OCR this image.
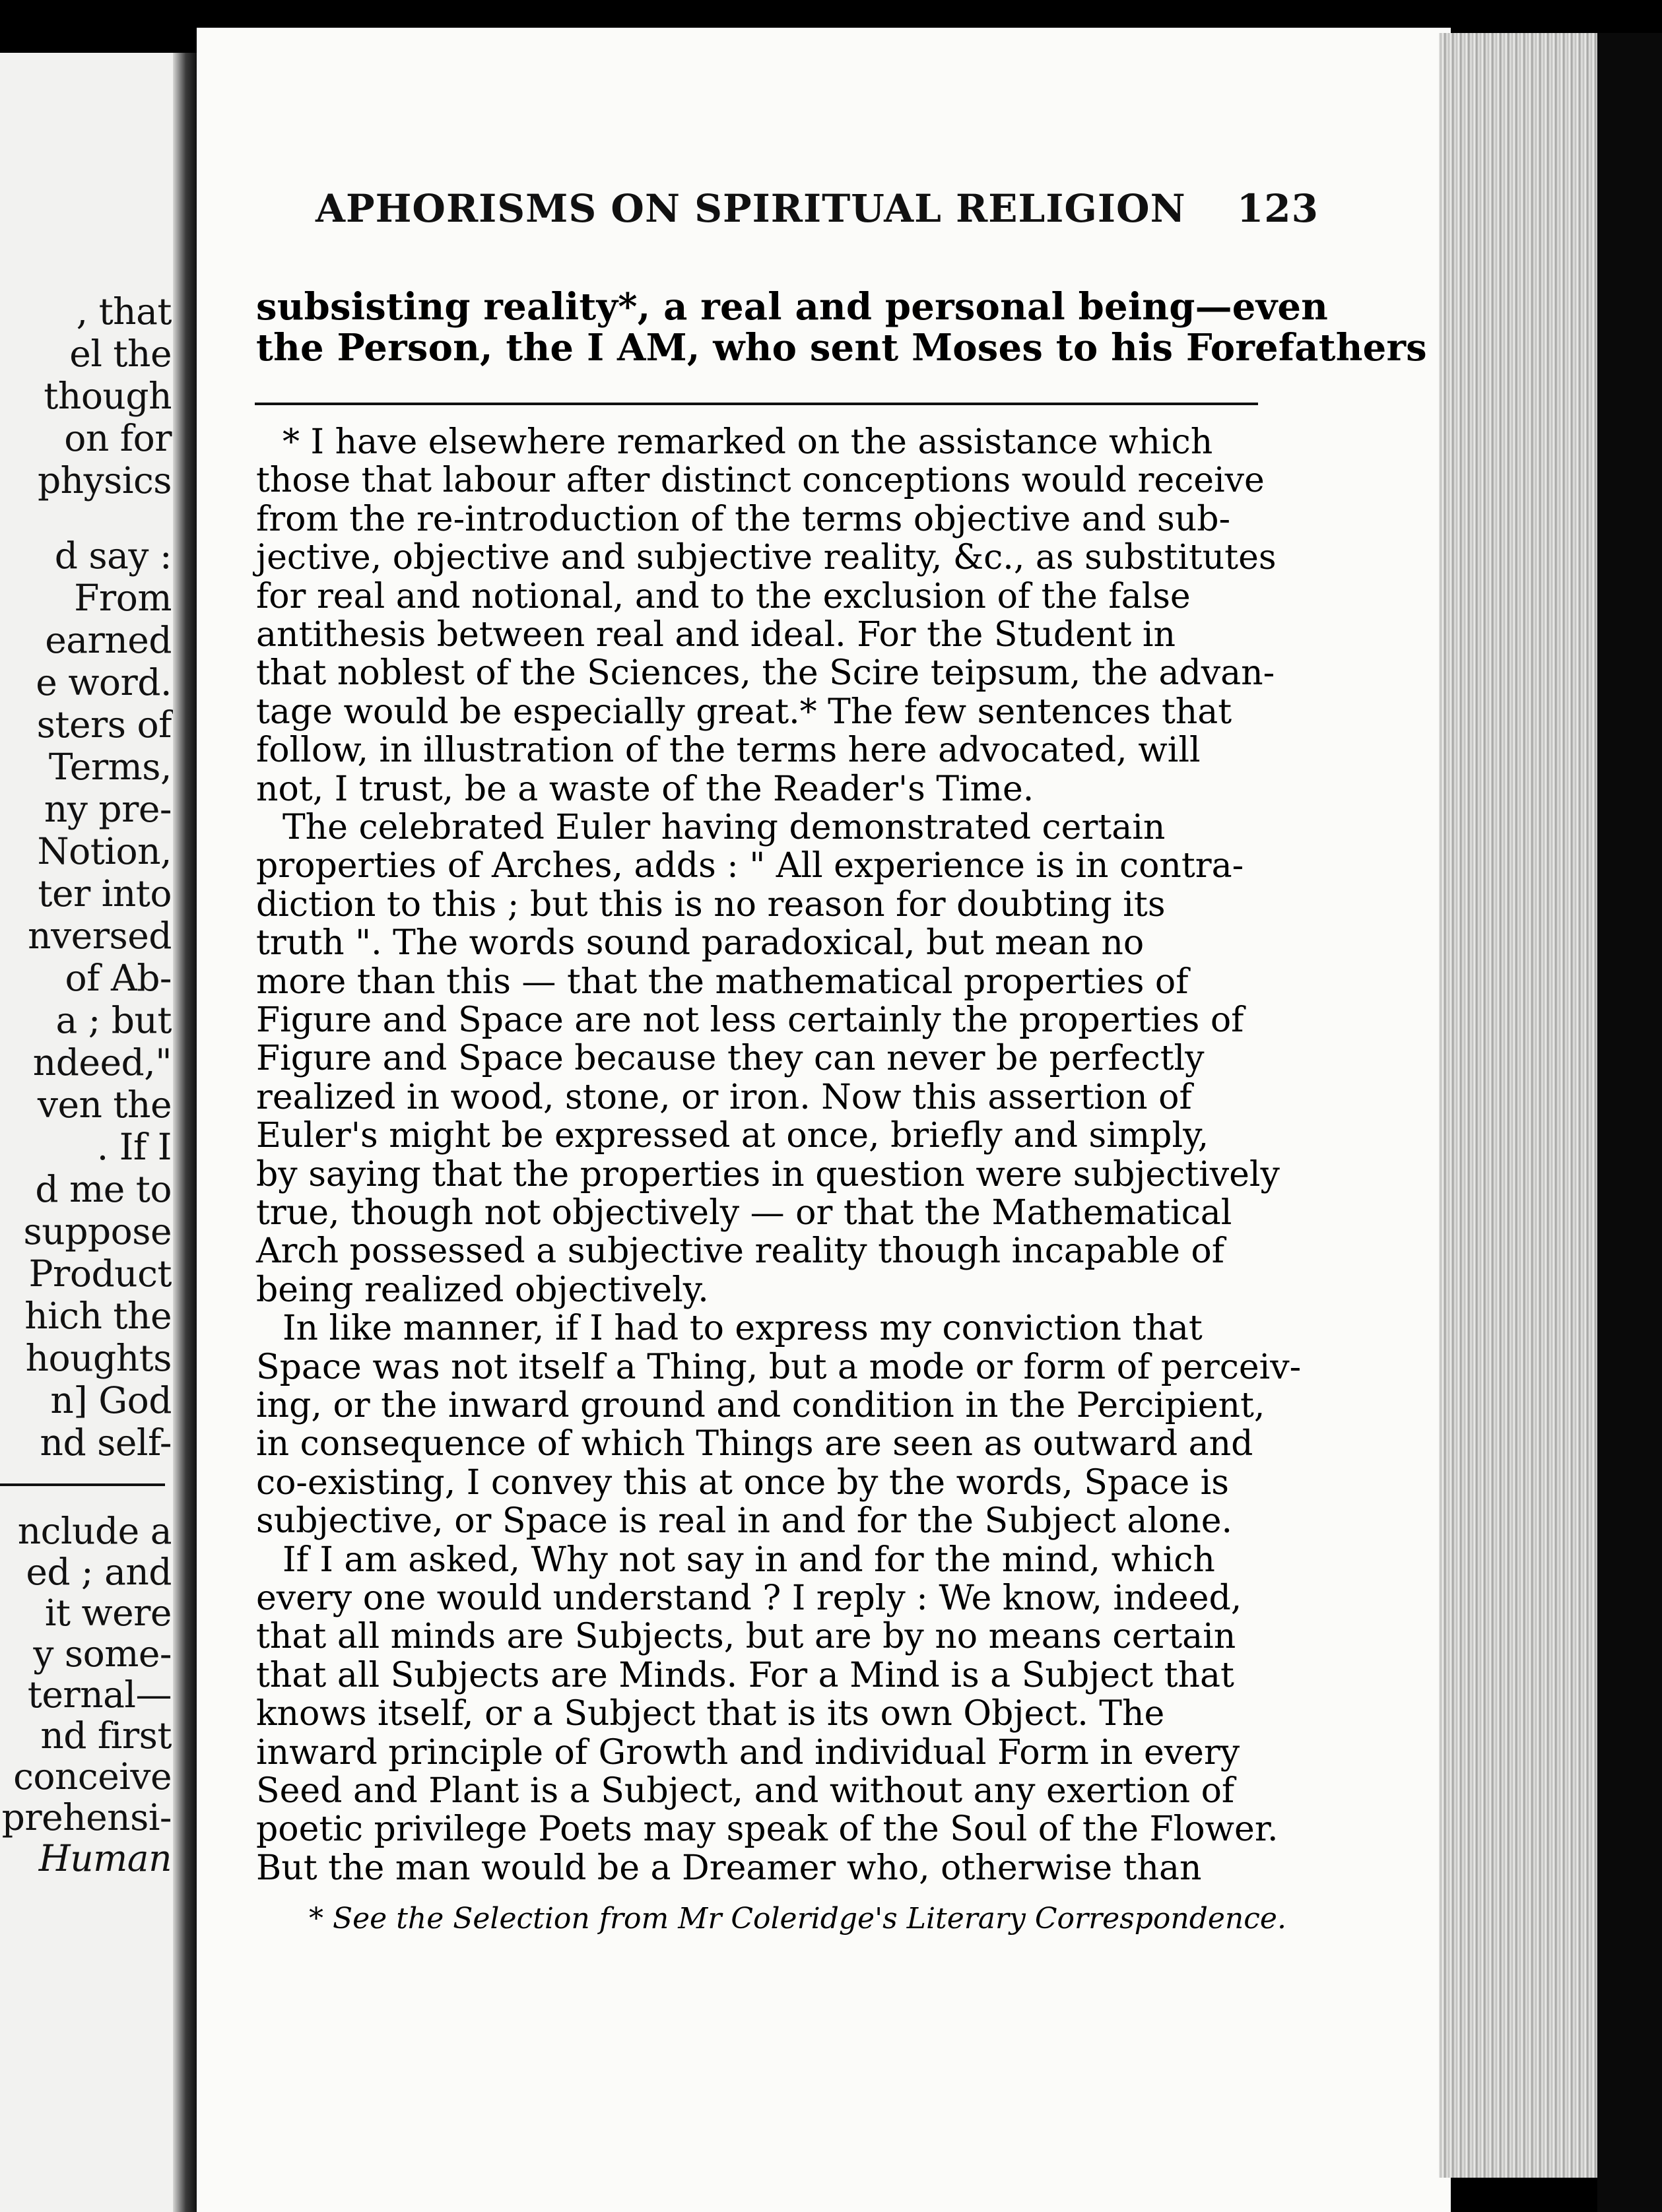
, that
el the
though
on for
physics
d say :
From
earned
e word.
sters of
Terms,
ny pre-
Notion,
ter into
nversed
of Ab-
a ; but
ndeed,"
ven the
. If I
d me to
suppose
Product
hich the
houghts
n] God
nd self-
nclude a
ed ; and
it were
y some-
ternal—
nd first
conceive
prehensi-
Human
APHORISMS ON SPIRITUAL RELIGION 123
subsisting reality*, a real and personal being—even
the Person, the I AM, who sent Moses to his Forefathers
* I have elsewhere remarked on the assistance which
those that labour after distinct conceptions would receive
from the re-introduction of the terms objective and sub-
jective, objective and subjective reality, &c., as substitutes
for real and notional, and to the exclusion of the false
antithesis between real and ideal. For the Student in
that noblest of the Sciences, the Scire teipsum, the advan-
tage would be especially great.* The few sentences that
follow, in illustration of the terms here advocated, will
not, I trust, be a waste of the Reader's Time.
The celebrated Euler having demonstrated certain
properties of Arches, adds : " All experience is in contra-
diction to this ; but this is no reason for doubting its
truth ". The words sound paradoxical, but mean no
more than this — that the mathematical properties of
Figure and Space are not less certainly the properties of
Figure and Space because they can never be perfectly
realized in wood, stone, or iron. Now this assertion of
Euler's might be expressed at once, briefly and simply,
by saying that the properties in question were subjectively
true, though not objectively — or that the Mathematical
Arch possessed a subjective reality though incapable of
being realized objectively.
In like manner, if I had to express my conviction that
Space was not itself a Thing, but a mode or form of perceiv-
ing, or the inward ground and condition in the Percipient,
in consequence of which Things are seen as outward and
co-existing, I convey this at once by the words, Space is
subjective, or Space is real in and for the Subject alone.
If I am asked, Why not say in and for the mind, which
every one would understand ? I reply : We know, indeed,
that all minds are Subjects, but are by no means certain
that all Subjects are Minds. For a Mind is a Subject that
knows itself, or a Subject that is its own Object. The
inward principle of Growth and individual Form in every
Seed and Plant is a Subject, and without any exertion of
poetic privilege Poets may speak of the Soul of the Flower.
But the man would be a Dreamer who, otherwise than
* See the Selection from Mr Coleridge's Literary Correspondence.
